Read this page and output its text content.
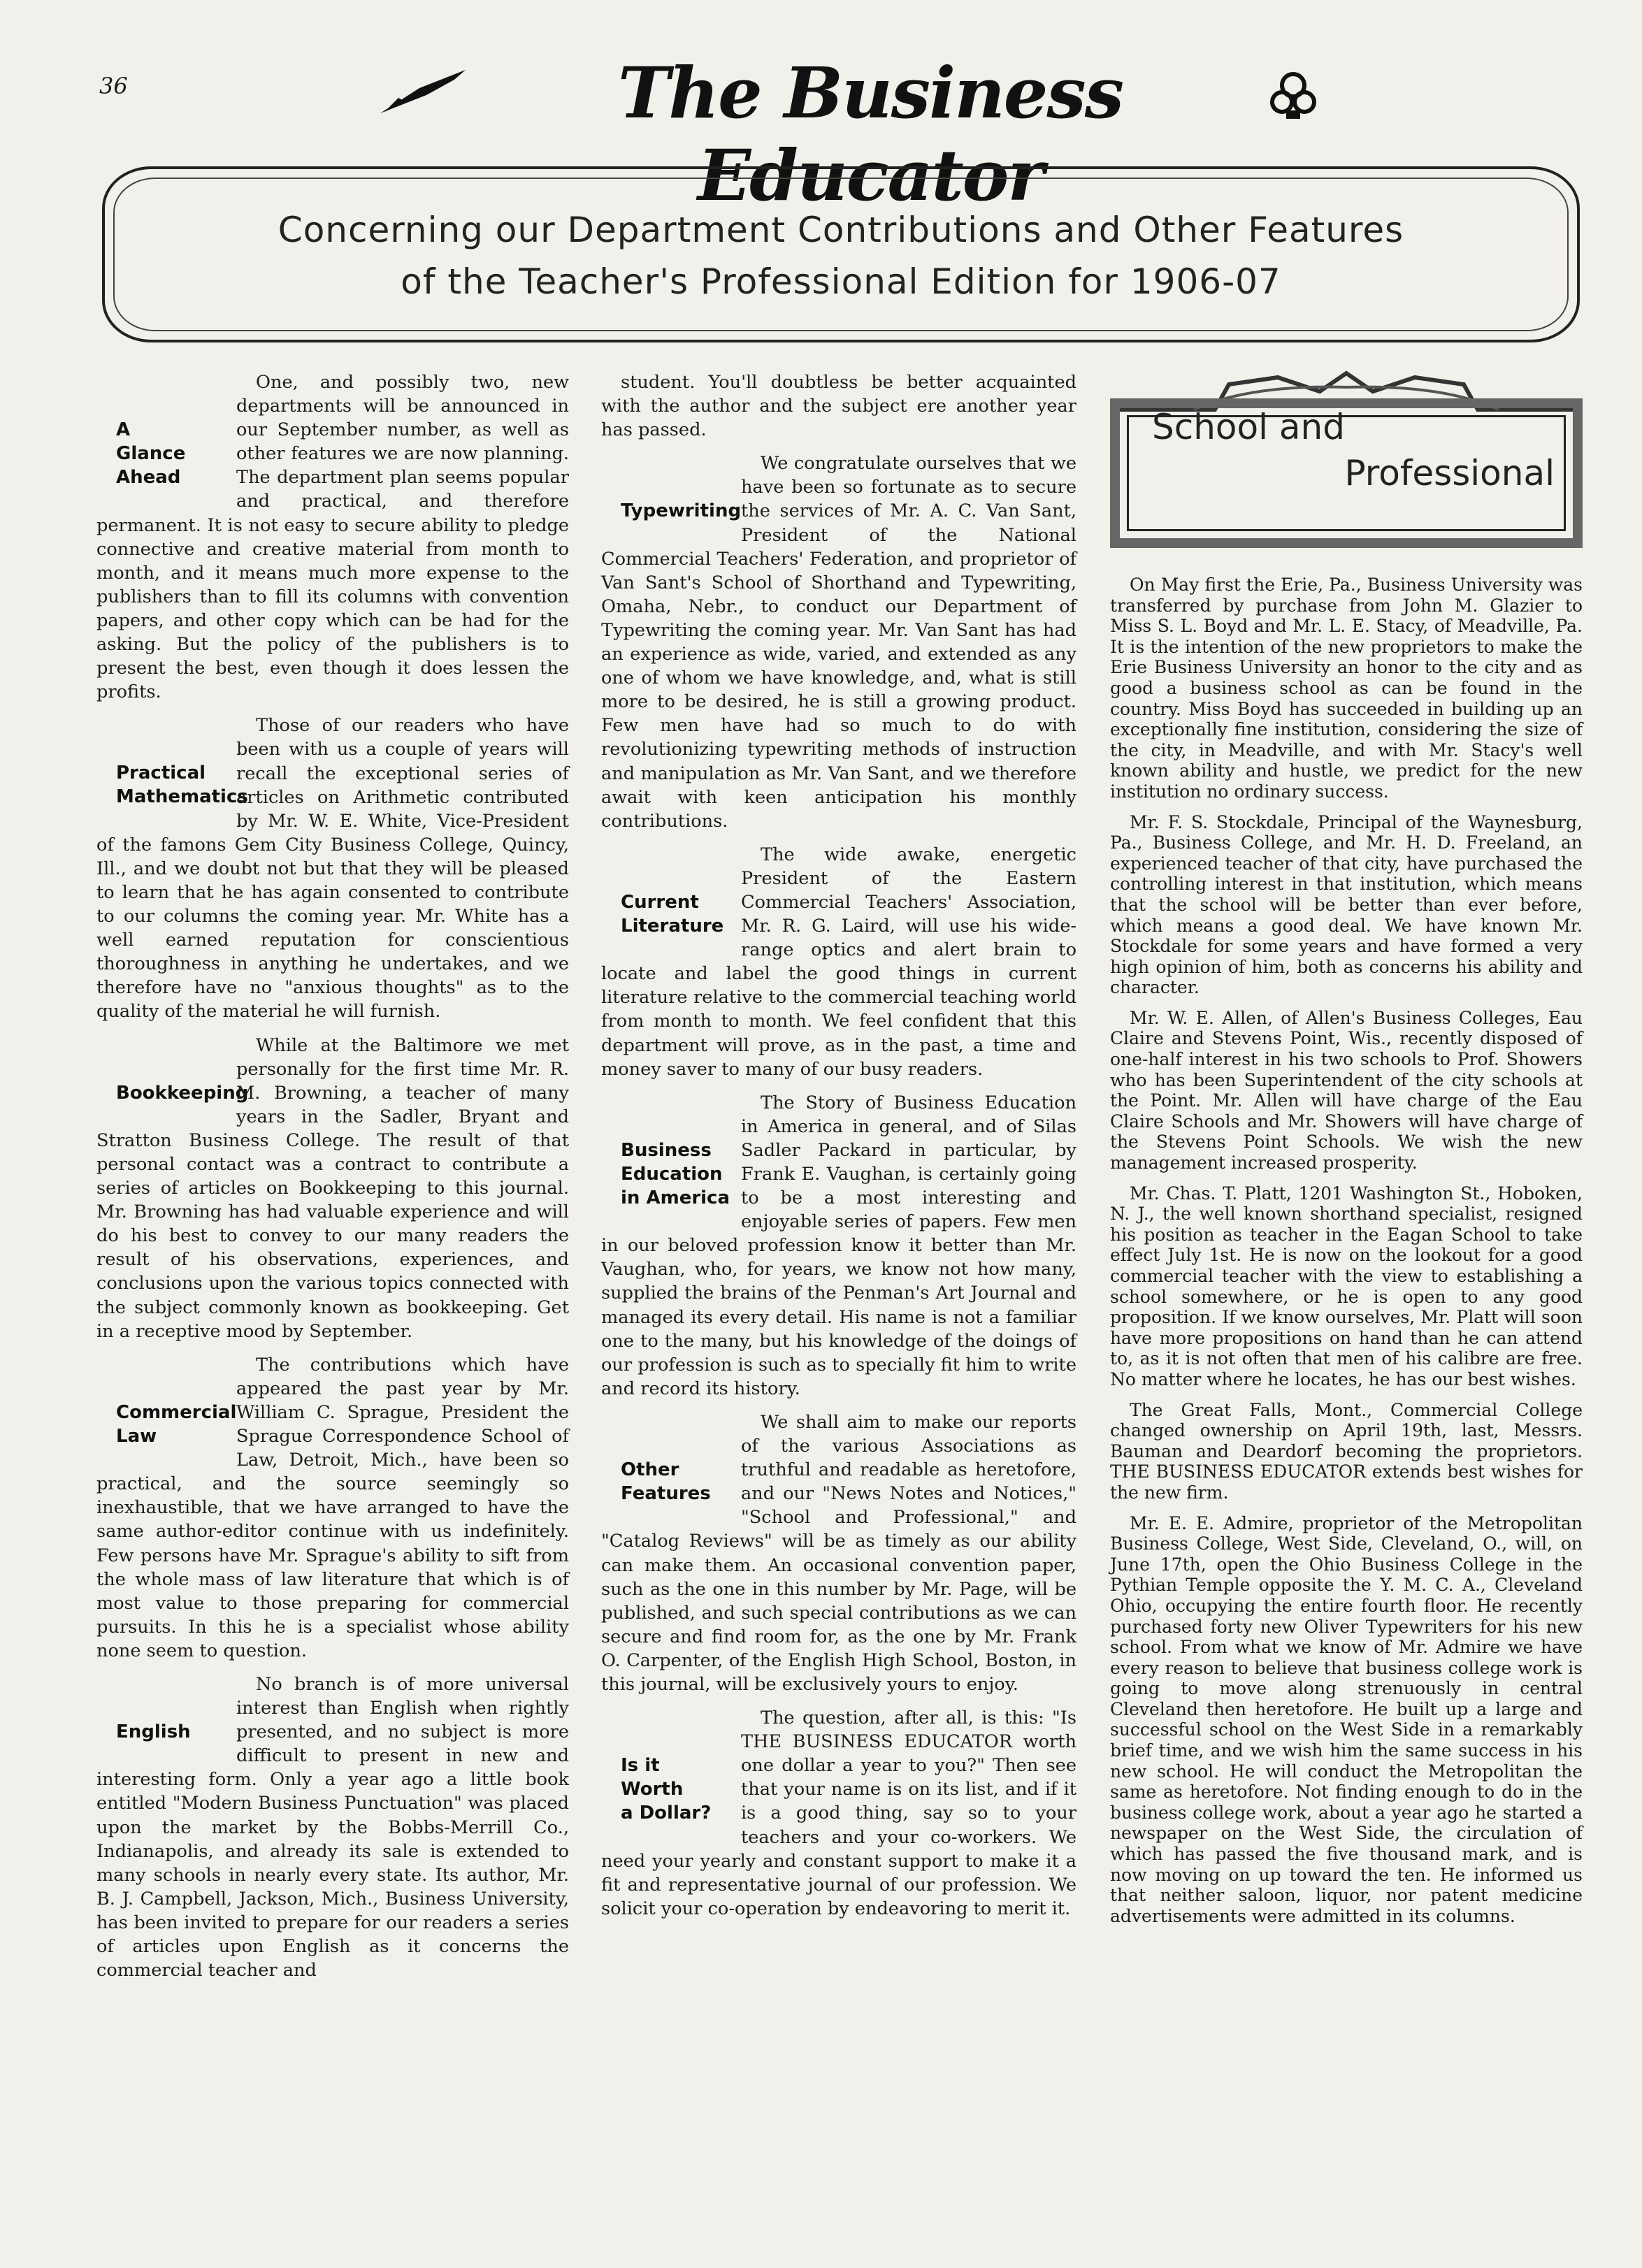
36	The Business Educator
Concerning our Department Contributions and Other Features
of the Teacher's Professional Edition for 1906-07

A
Glance
Ahead
One, and possibly two, new departments will be announced in our September number, as well as other features we are now planning. The department plan seems popular and practical, and therefore permanent. It is not easy to secure ability to pledge connective and creative material from month to month, and it means much more expense to the publishers than to fill its columns with convention papers, and other copy which can be had for the asking. But the policy of the publishers is to present the best, even though it does lessen the profits.

Practical
Mathematics
Those of our readers who have been with us a couple of years will recall the exceptional series of articles on Arithmetic contributed by Mr. W. E. White, Vice-President of the famons Gem City Business College, Quincy, Ill., and we doubt not but that they will be pleased to learn that he has again consented to contribute to our columns the coming year. Mr. White has a well earned reputation for conscientious thoroughness in anything he undertakes, and we therefore have no "anxious thoughts" as to the quality of the material he will furnish.

Bookkeeping
While at the Baltimore we met personally for the first time Mr. R. M. Browning, a teacher of many years in the Sadler, Bryant and Stratton Business College. The result of that personal contact was a contract to contribute a series of articles on Bookkeeping to this journal. Mr. Browning has had valuable experience and will do his best to convey to our many readers the result of his observations, experiences, and conclusions upon the various topics connected with the subject commonly known as bookkeeping. Get in a receptive mood by September.

Commercial
Law
The contributions which have appeared the past year by Mr. William C. Sprague, President the Sprague Correspondence School of Law, Detroit, Mich., have been so practical, and the source seemingly so inexhaustible, that we have arranged to have the same author-editor continue with us indefinitely. Few persons have Mr. Sprague's ability to sift from the whole mass of law literature that which is of most value to those preparing for commercial pursuits. In this he is a specialist whose ability none seem to question.

English
No branch is of more universal interest than English when rightly presented, and no subject is more difficult to present in new and interesting form. Only a year ago a little book entitled "Modern Business Punctuation" was placed upon the market by the Bobbs-Merrill Co., Indianapolis, and already its sale is extended to many schools in nearly every state. Its author, Mr. B. J. Campbell, Jackson, Mich., Business University, has been invited to prepare for our readers a series of articles upon English as it concerns the commercial teacher and

student. You'll doubtless be better acquainted with the author and the subject ere another year has passed.

Typewriting
We congratulate ourselves that we have been so fortunate as to secure the services of Mr. A. C. Van Sant, President of the National Commercial Teachers' Federation, and proprietor of Van Sant's School of Shorthand and Typewriting, Omaha, Nebr., to conduct our Department of Typewriting the coming year. Mr. Van Sant has had an experience as wide, varied, and extended as any one of whom we have knowledge, and, what is still more to be desired, he is still a growing product. Few men have had so much to do with revolutionizing typewriting methods of instruction and manipulation as Mr. Van Sant, and we therefore await with keen anticipation his monthly contributions.

Current
Literature
The wide awake, energetic President of the Eastern Commercial Teachers' Association, Mr. R. G. Laird, will use his wide-range optics and alert brain to locate and label the good things in current literature relative to the commercial teaching world from month to month. We feel confident that this department will prove, as in the past, a time and money saver to many of our busy readers.

Business
Education
in America
The Story of Business Education in America in general, and of Silas Sadler Packard in particular, by Frank E. Vaughan, is certainly going to be a most interesting and enjoyable series of papers. Few men in our beloved profession know it better than Mr. Vaughan, who, for years, we know not how many, supplied the brains of the Penman's Art Journal and managed its every detail. His name is not a familiar one to the many, but his knowledge of the doings of our profession is such as to specially fit him to write and record its history.

Other
Features
We shall aim to make our reports of the various Associations as truthful and readable as heretofore, and our "News Notes and Notices," "School and Professional," and "Catalog Reviews" will be as timely as our ability can make them. An occasional convention paper, such as the one in this number by Mr. Page, will be published, and such special contributions as we can secure and find room for, as the one by Mr. Frank O. Carpenter, of the English High School, Boston, in this journal, will be exclusively yours to enjoy.

Is it
Worth
a Dollar?
The question, after all, is this: "Is THE BUSINESS EDUCATOR worth one dollar a year to you?" Then see that your name is on its list, and if it is a good thing, say so to your teachers and your co-workers. We need your yearly and constant support to make it a fit and representative journal of our profession. We solicit your co-operation by endeavoring to merit it.

School and
Professional

On May first the Erie, Pa., Business University was transferred by purchase from John M. Glazier to Miss S. L. Boyd and Mr. L. E. Stacy, of Meadville, Pa. It is the intention of the new proprietors to make the Erie Business University an honor to the city and as good a business school as can be found in the country. Miss Boyd has succeeded in building up an exceptionally fine institution, considering the size of the city, in Meadville, and with Mr. Stacy's well known ability and hustle, we predict for the new institution no ordinary success.

Mr. F. S. Stockdale, Principal of the Waynesburg, Pa., Business College, and Mr. H. D. Freeland, an experienced teacher of that city, have purchased the controlling interest in that institution, which means that the school will be better than ever before, which means a good deal. We have known Mr. Stockdale for some years and have formed a very high opinion of him, both as concerns his ability and character.

Mr. W. E. Allen, of Allen's Business Colleges, Eau Claire and Stevens Point, Wis., recently disposed of one-half interest in his two schools to Prof. Showers who has been Superintendent of the city schools at the Point. Mr. Allen will have charge of the Eau Claire Schools and Mr. Showers will have charge of the Stevens Point Schools. We wish the new management increased prosperity.

Mr. Chas. T. Platt, 1201 Washington St., Hoboken, N. J., the well known shorthand specialist, resigned his position as teacher in the Eagan School to take effect July 1st. He is now on the lookout for a good commercial teacher with the view to establishing a school somewhere, or he is open to any good proposition. If we know ourselves, Mr. Platt will soon have more propositions on hand than he can attend to, as it is not often that men of his calibre are free. No matter where he locates, he has our best wishes.

The Great Falls, Mont., Commercial College changed ownership on April 19th, last, Messrs. Bauman and Deardorf becoming the proprietors. THE BUSINESS EDUCATOR extends best wishes for the new firm.

Mr. E. E. Admire, proprietor of the Metropolitan Business College, West Side, Cleveland, O., will, on June 17th, open the Ohio Business College in the Pythian Temple opposite the Y. M. C. A., Cleveland Ohio, occupying the entire fourth floor. He recently purchased forty new Oliver Typewriters for his new school. From what we know of Mr. Admire we have every reason to believe that business college work is going to move along strenuously in central Cleveland then heretofore. He built up a large and successful school on the West Side in a remarkably brief time, and we wish him the same success in his new school. He will conduct the Metropolitan the same as heretofore. Not finding enough to do in the business college work, about a year ago he started a newspaper on the West Side, the circulation of which has passed the five thousand mark, and is now moving on up toward the ten. He informed us that neither saloon, liquor, nor patent medicine advertisements were admitted in its columns.
